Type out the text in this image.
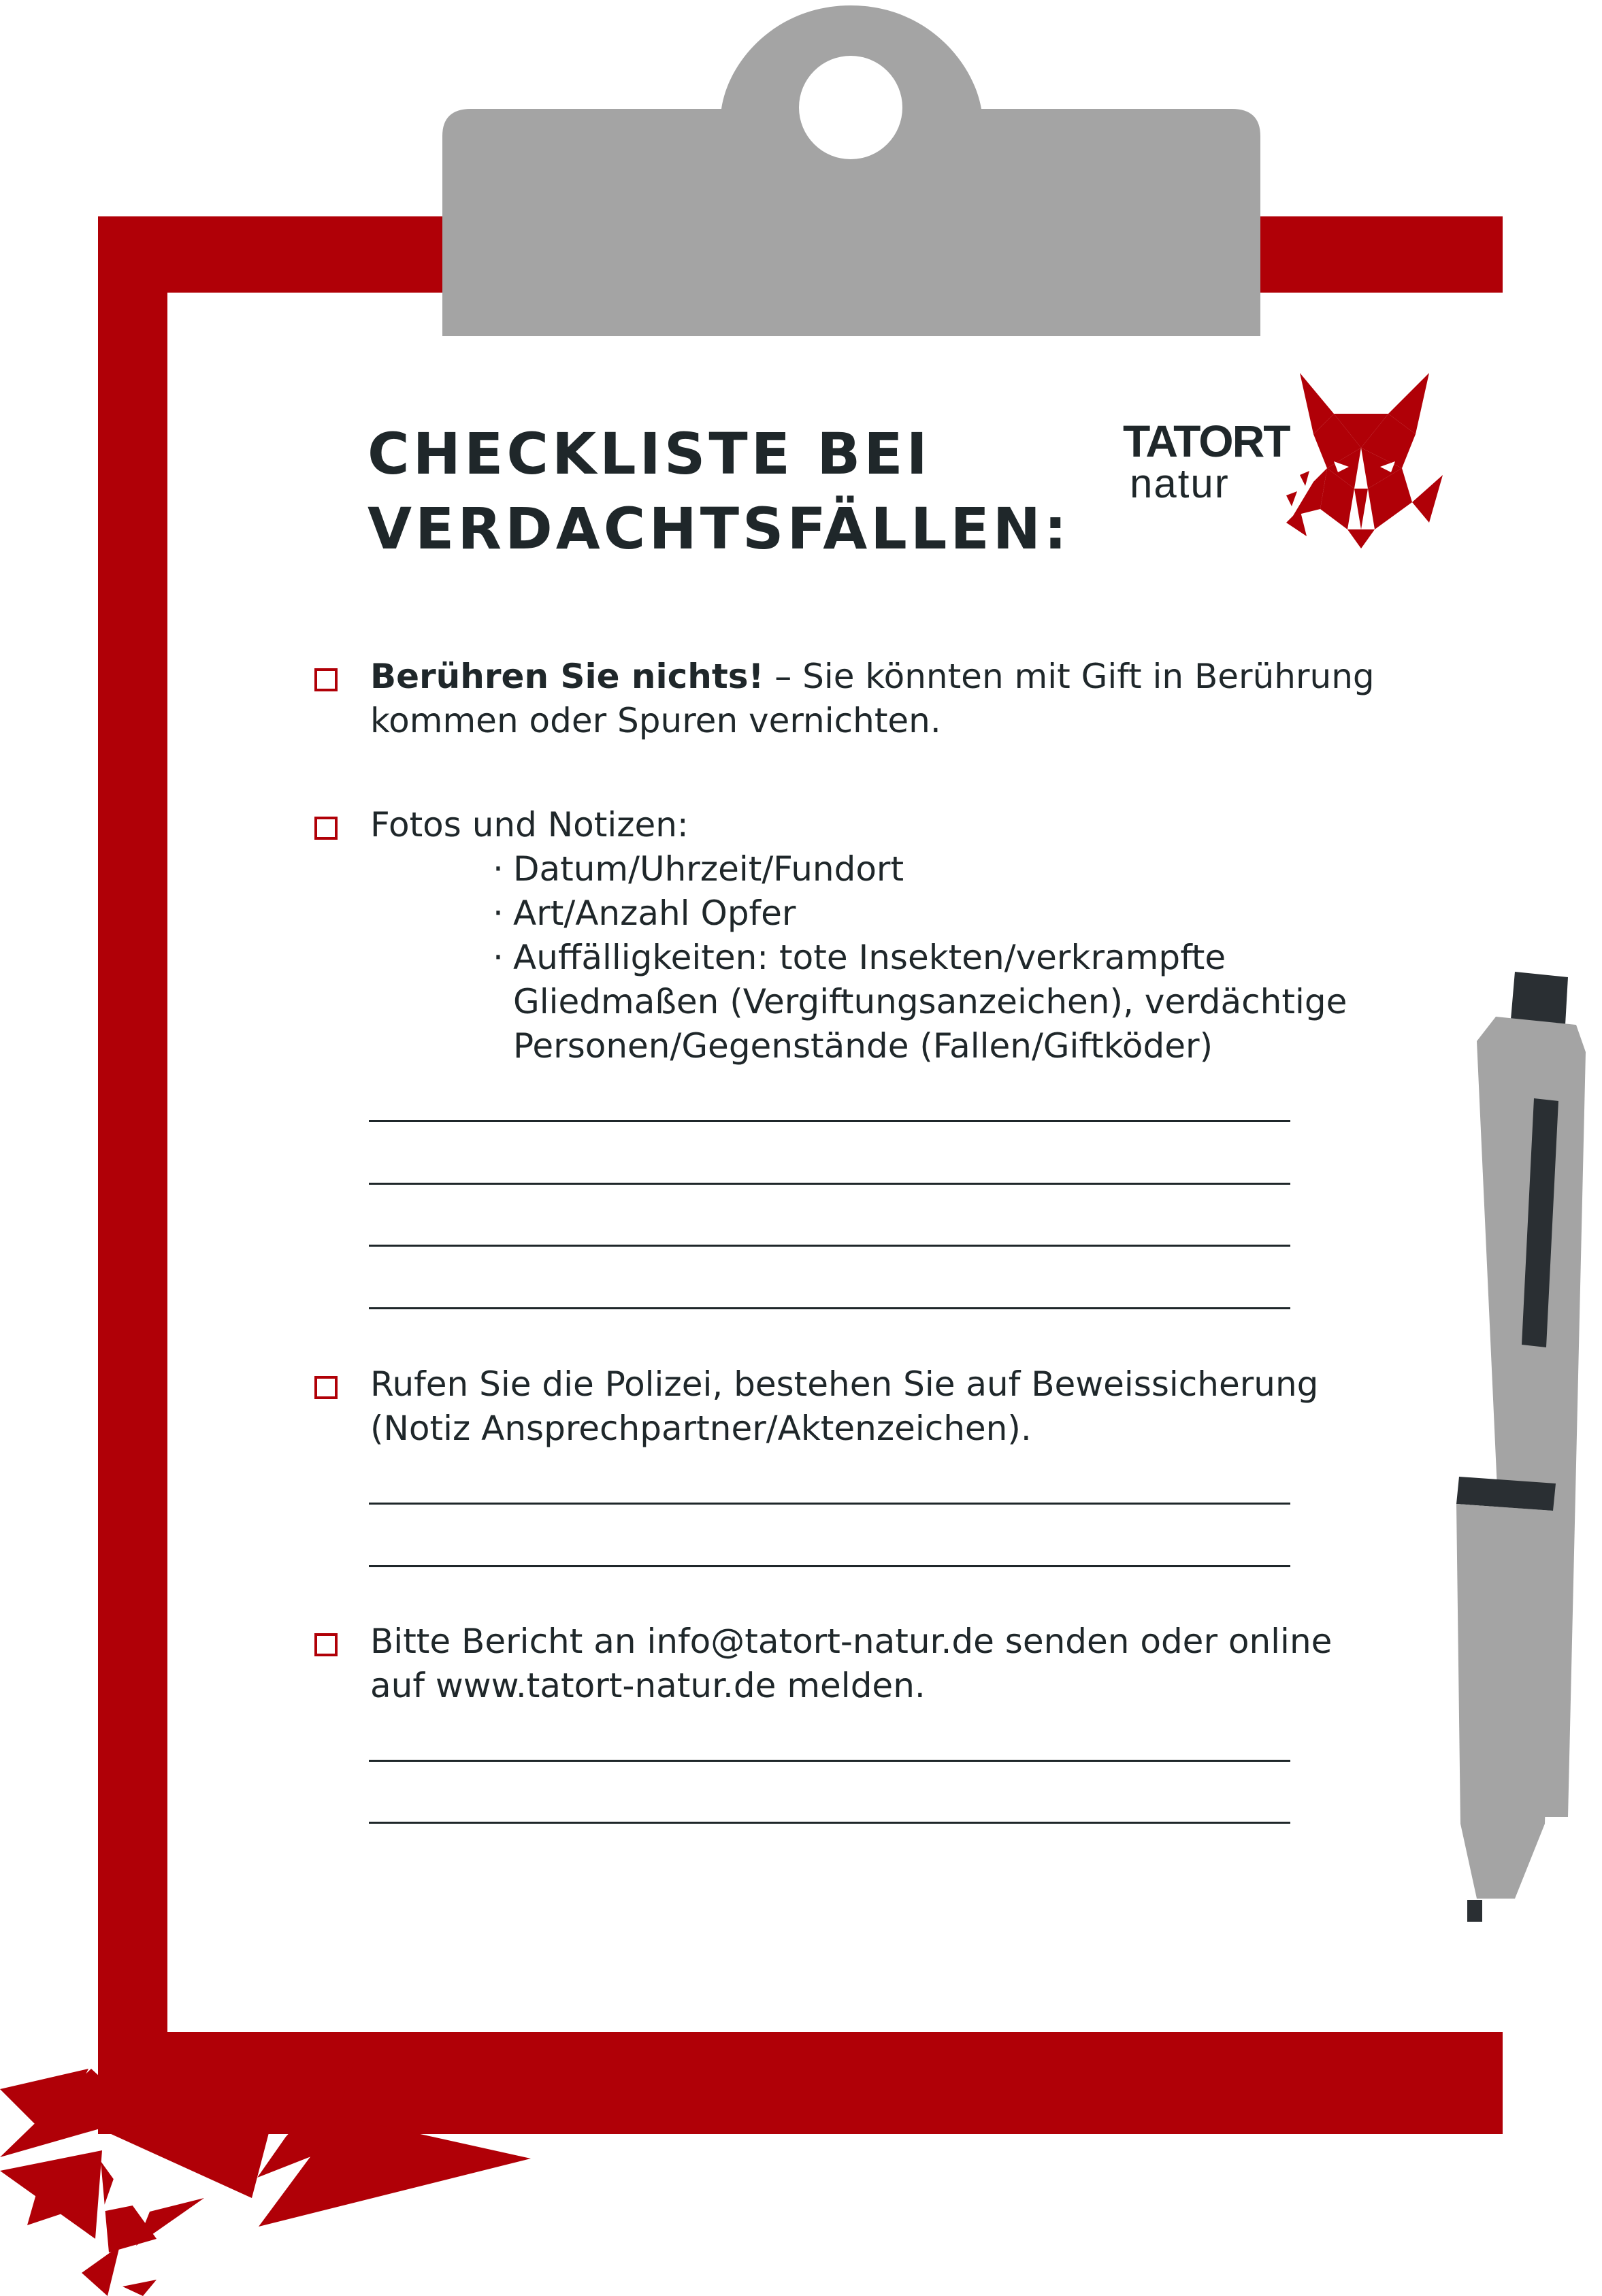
CHECKLISTE BEI
VERDACHTSFÄLLEN:
TATORT
natur
Berühren Sie nichts! – Sie könnten mit Gift in Berührung kommen oder Spuren vernichten.
Fotos und Notizen:
· Datum/Uhrzeit/Fundort
· Art/Anzahl Opfer
· Auffälligkeiten: tote Insekten/verkrampfte Gliedmaßen (Vergiftungsanzeichen), verdächtige Personen/Gegenstände (Fallen/Giftköder)
Rufen Sie die Polizei, bestehen Sie auf Beweissicherung (Notiz Ansprechpartner/Aktenzeichen).
Bitte Bericht an info@tatort-natur.de senden oder online auf www.tatort-natur.de melden.
